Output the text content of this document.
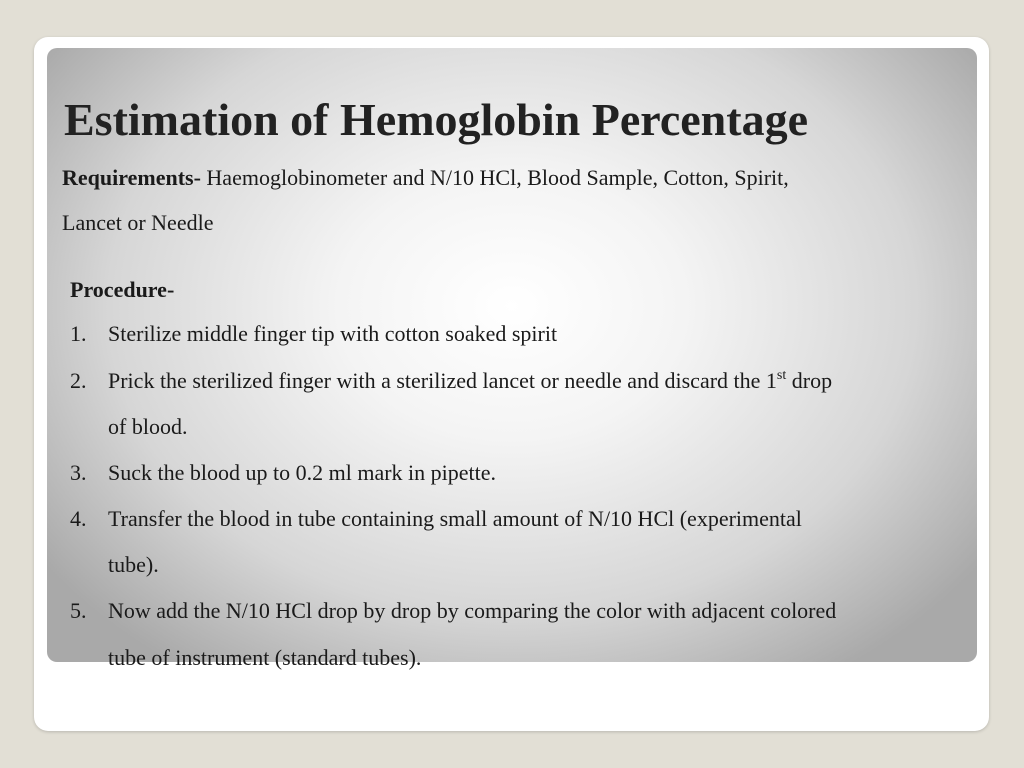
Estimation of Hemoglobin Percentage
Requirements- Haemoglobinometer and N/10 HCl, Blood Sample, Cotton, Spirit,
Lancet or Needle
Procedure-
1. Sterilize middle finger tip with cotton soaked spirit
2. Prick the sterilized finger with a sterilized lancet or needle and discard the 1st drop
of blood.
3. Suck the blood up to 0.2 ml mark in pipette.
4. Transfer the blood in tube containing small amount of N/10 HCl (experimental
tube).
5. Now add the N/10 HCl drop by drop by comparing the color with adjacent colored
tube of instrument (standard tubes).
